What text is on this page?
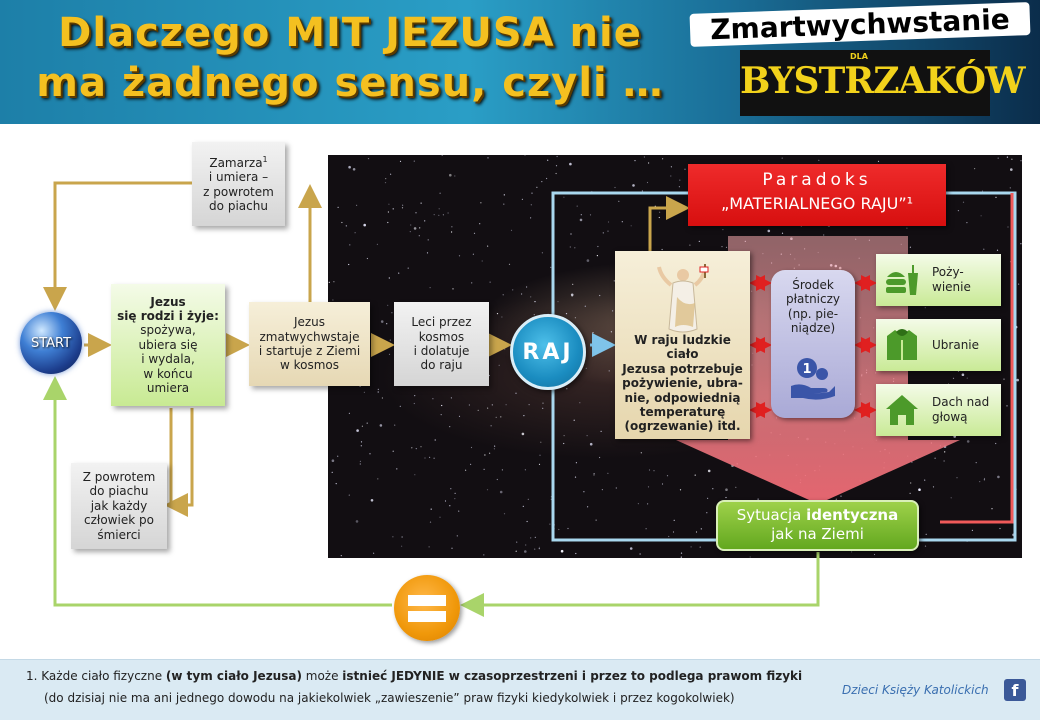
Dlaczego MIT JEZUSA nie
ma żadnego sensu, czyli …
Zmartwychwstanie
DLA
BYSTRZAKÓW
START
Zamarza$^1$
i umiera –
z powrotem
do piachu
Jezus
się rodzi i żyje:
spożywa,
ubiera się
i wydala,
w końcu
umiera
Jezus
zmatwychwstaje
i startuje z Ziemi
w kosmos
Leci przez
kosmos
i dolatuje
do raju
RAJ
Z powrotem
do piachu
jak każdy
człowiek po
śmierci
Paradoks
„MATERIALNEGO RAJU”¹
W raju ludzkie ciało
Jezusa potrzebuje
pożywienie, ubra-
nie, odpowiednią
temperaturę
(ogrzewanie) itd.
Środek
płatniczy
(np. pie-
niądze)
1
Poży-
wienie
Ubranie
Dach nad
głową
Sytuacja identyczna
jak na Ziemi
1. Każde ciało fizyczne (w tym ciało Jezusa) może istnieć JEDYNIE w czasoprzestrzeni i przez to podlega prawom fizyki
(do dzisiaj nie ma ani jednego dowodu na jakiekolwiek „zawieszenie” praw fizyki kiedykolwiek i przez kogokolwiek)
Dzieci Księży Katolickich	f
